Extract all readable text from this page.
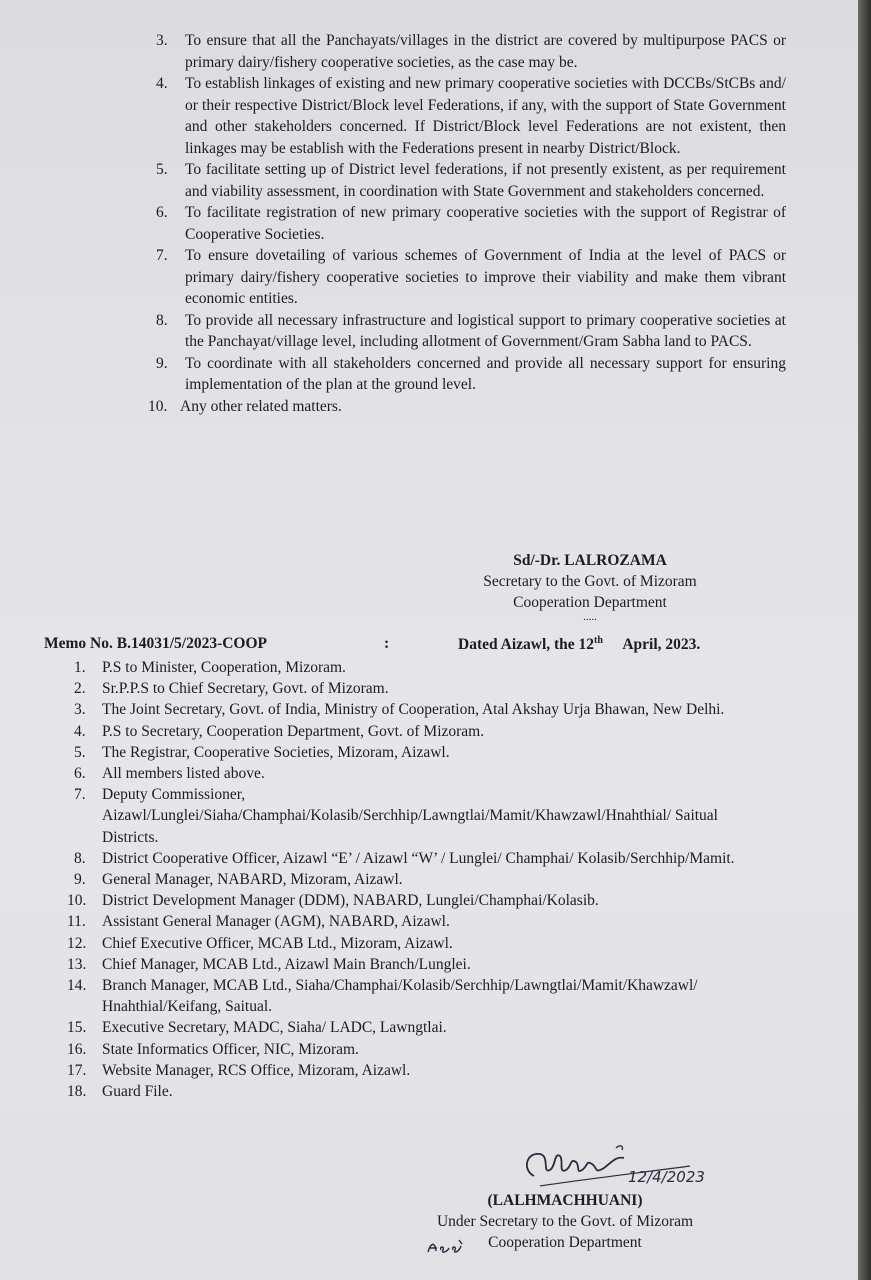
3. To ensure that all the Panchayats/villages in the district are covered by multipurpose PACS or primary dairy/fishery cooperative societies, as the case may be.
4. To establish linkages of existing and new primary cooperative societies with DCCBs/StCBs and/ or their respective District/Block level Federations, if any, with the support of State Government and other stakeholders concerned. If District/Block level Federations are not existent, then linkages may be establish with the Federations present in nearby District/Block.
5. To facilitate setting up of District level federations, if not presently existent, as per requirement and viability assessment, in coordination with State Government and stakeholders concerned.
6. To facilitate registration of new primary cooperative societies with the support of Registrar of Cooperative Societies.
7. To ensure dovetailing of various schemes of Government of India at the level of PACS or primary dairy/fishery cooperative societies to improve their viability and make them vibrant economic entities.
8. To provide all necessary infrastructure and logistical support to primary cooperative societies at the Panchayat/village level, including allotment of Government/Gram Sabha land to PACS.
9. To coordinate with all stakeholders concerned and provide all necessary support for ensuring implementation of the plan at the ground level.
10. Any other related matters.
Sd/-Dr. LALROZAMA
Secretary to the Govt. of Mizoram
Cooperation Department
.....
Memo No. B.14031/5/2023-COOP	:	Dated Aizawl, the 12th April, 2023.
1. P.S to Minister, Cooperation, Mizoram.
2. Sr.P.P.S to Chief Secretary, Govt. of Mizoram.
3. The Joint Secretary, Govt. of India, Ministry of Cooperation, Atal Akshay Urja Bhawan, New Delhi.
4. P.S to Secretary, Cooperation Department, Govt. of Mizoram.
5. The Registrar, Cooperative Societies, Mizoram, Aizawl.
6. All members listed above.
7. Deputy Commissioner, Aizawl/Lunglei/Siaha/Champhai/Kolasib/Serchhip/Lawngtlai/Mamit/Khawzawl/Hnahthial/ Saitual Districts.
8. District Cooperative Officer, Aizawl “E’ / Aizawl “W’ / Lunglei/ Champhai/ Kolasib/Serchhip/Mamit.
9. General Manager, NABARD, Mizoram, Aizawl.
10. District Development Manager (DDM), NABARD, Lunglei/Champhai/Kolasib.
11. Assistant General Manager (AGM), NABARD, Aizawl.
12. Chief Executive Officer, MCAB Ltd., Mizoram, Aizawl.
13. Chief Manager, MCAB Ltd., Aizawl Main Branch/Lunglei.
14. Branch Manager, MCAB Ltd., Siaha/Champhai/Kolasib/Serchhip/Lawngtlai/Mamit/Khawzawl/ Hnahthial/Keifang, Saitual.
15. Executive Secretary, MADC, Siaha/ LADC, Lawngtlai.
16. State Informatics Officer, NIC, Mizoram.
17. Website Manager, RCS Office, Mizoram, Aizawl.
18. Guard File.
12/4/2023
(LALHMACHHUANI)
Under Secretary to the Govt. of Mizoram
Cooperation Department
